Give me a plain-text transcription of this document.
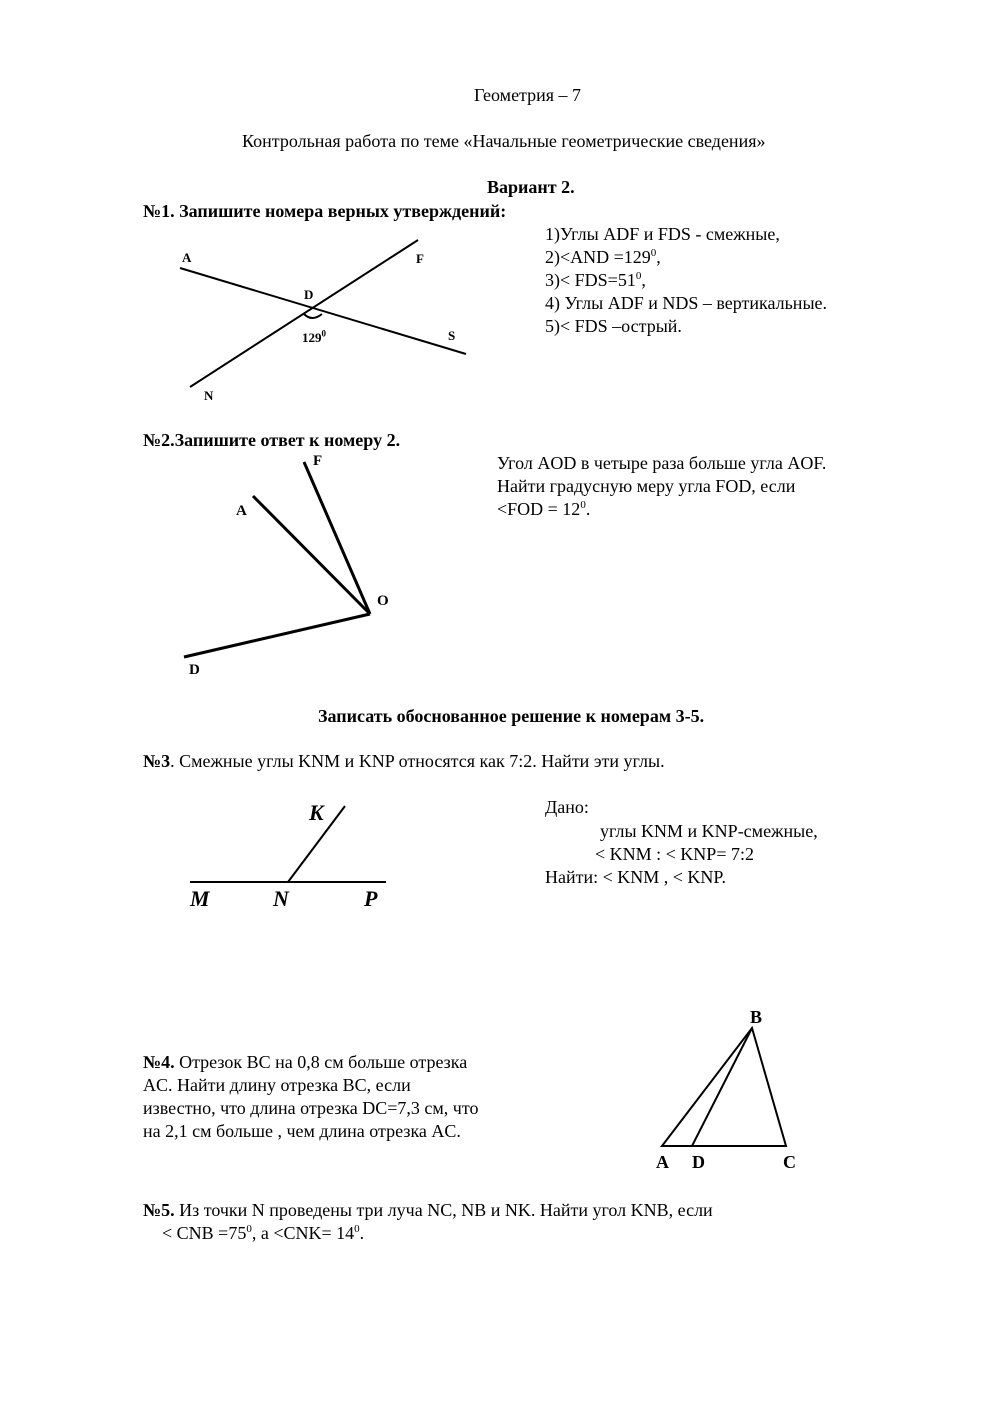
Геометрия – 7
Контрольная работа по теме «Начальные геометрические сведения»
Вариант 2.
№1. Запишите номера верных утверждений:
A	F
D
S
N
$129^0$
1)Углы ADF и FDS - смежные,
$2)<AND =129^0$,
$3)< FDS=51^0$,
4) Углы ADF и NDS – вертикальные.
5)< FDS –острый.
№2.Запишите ответ к номеру 2.
F
A
O
D
Угол AOD в четыре раза больше угла AOF.
Найти градусную меру угла FOD, если
$<FOD = 12^0$.
Записать обоснованное решение к номерам 3-5.
№3. Смежные углы KNM и KNP относятся как 7:2. Найти эти углы.
K
M	N	P
Дано:
углы KNM и KNP-смежные,
< KNM : < KNP= 7:2
Найти: < KNM , < KNP.
№4. Отрезок BC на 0,8 см больше отрезка
AC. Найти длину отрезка BC, если
известно, что длина отрезка DC=7,3 см, что
на 2,1 см больше , чем длина отрезка AC.
B
A D	C
№5. Из точки N проведены три луча NC, NB и NK. Найти угол KNB, если
< CNB $=75^0$, $а <CNK= 14^0$.
